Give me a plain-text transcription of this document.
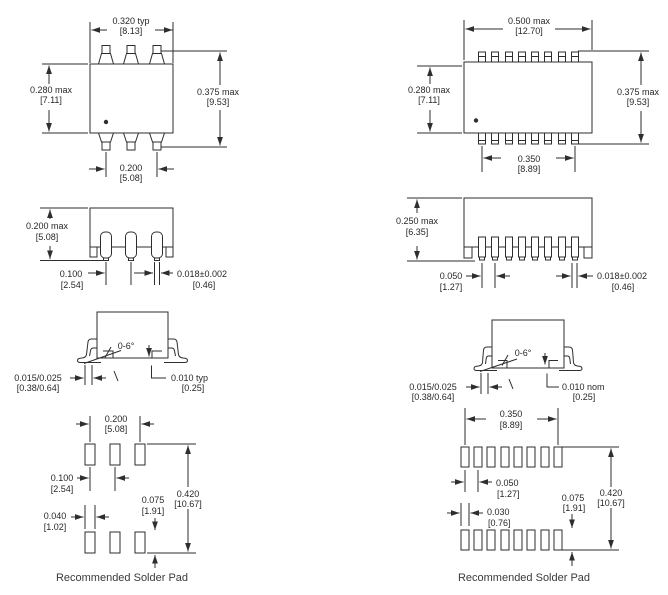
0.320 typ
[8.13]
0.280 max
[7.11]
0.375 max
[9.53]
0.200
[5.08]
0.500 max
[12.70]
0.280 max
[7.11]
0.375 max
[9.53]
0.350
[8.89]
0.200 max
[5.08]
0.100
[2.54]
0.018±0.002
[0.46]
0.250 max
[6.35]
0.050
[1.27]
0.018±0.002
[0.46]
0-6°
0.010 typ
[0.25]
0.015/0.025
[0.38/0.64]
0-6°
0.010 nom
[0.25]
0.015/0.025
[0.38/0.64]
0.200
[5.08]
0.100
[2.54]
0.040
[1.02]
0.075
[1.91]
0.420
[10.67]
Recommended Solder Pad
0.350
[8.89]
0.050
[1.27]
0.030
[0.76]
0.075
[1.91]
0.420
[10.67]
Recommended Solder Pad
